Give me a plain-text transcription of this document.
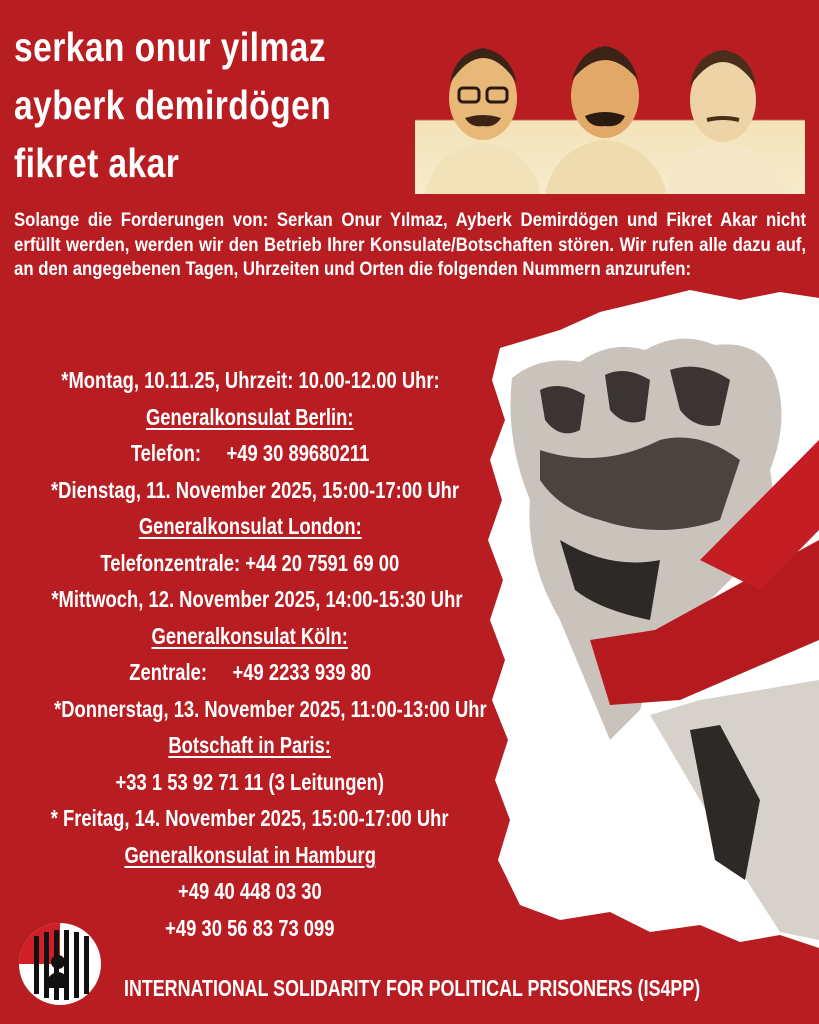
serkan onur yilmaz
ayberk demirdögen
fikret akar
Solange die Forderungen von: Serkan Onur Yılmaz, Ayberk Demirdögen und Fikret Akar nicht erfüllt werden, werden wir den Betrieb Ihrer Konsulate/Botschaften stören. Wir rufen alle dazu auf, an den angegebenen Tagen, Uhrzeiten und Orten die folgenden Nummern anzurufen:
*Montag, 10.11.25, Uhrzeit: 10.00-12.00 Uhr:
Generalkonsulat Berlin:
Telefon:     +49 30 89680211
*Dienstag, 11. November 2025, 15:00-17:00 Uhr
Generalkonsulat London:
Telefonzentrale: +44 20 7591 69 00
*Mittwoch, 12. November 2025, 14:00-15:30 Uhr
Generalkonsulat Köln:
Zentrale:     +49 2233 939 80
*Donnerstag, 13. November 2025, 11:00-13:00 Uhr
Botschaft in Paris:
+33 1 53 92 71 11 (3 Leitungen)
* Freitag, 14. November 2025, 15:00-17:00 Uhr
Generalkonsulat in Hamburg
+49 40 448 03 30
+49 30 56 83 73 099
INTERNATIONAL SOLIDARITY FOR POLITICAL PRISONERS (IS4PP)
